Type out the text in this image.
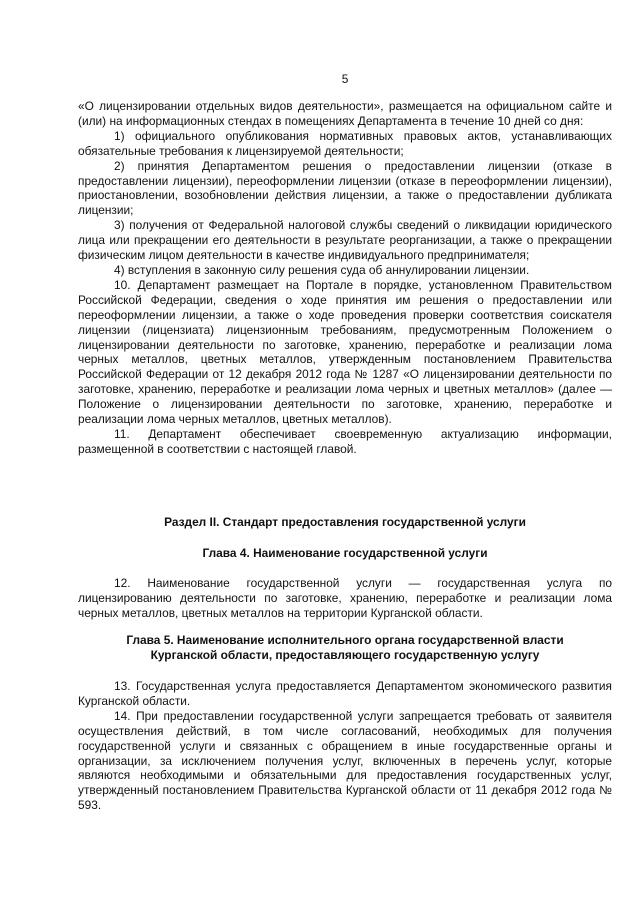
5

«О лицензировании отдельных видов деятельности», размещается на официальном сайте и (или) на информационных стендах в помещениях Департамента в течение 10 дней со дня:

1) официального опубликования нормативных правовых актов, устанавливающих обязательные требования к лицензируемой деятельности;

2) принятия Департаментом решения о предоставлении лицензии (отказе в предоставлении лицензии), переоформлении лицензии (отказе в переоформлении лицензии), приостановлении, возобновлении действия лицензии, а также о предоставлении дубликата лицензии;

3) получения от Федеральной налоговой службы сведений о ликвидации юридического лица или прекращении его деятельности в результате реорганизации, а также о прекращении физическим лицом деятельности в качестве индивидуального предпринимателя;

4) вступления в законную силу решения суда об аннулировании лицензии.

10. Департамент размещает на Портале в порядке, установленном Правительством Российской Федерации, сведения о ходе принятия им решения о предоставлении или переоформлении лицензии, а также о ходе проведения проверки соответствия соискателя лицензии (лицензиата) лицензионным требованиям, предусмотренным Положением о лицензировании деятельности по заготовке, хранению, переработке и реализации лома черных металлов, цветных металлов, утвержденным постановлением Правительства Российской Федерации от 12 декабря 2012 года № 1287 «О лицензировании деятельности по заготовке, хранению, переработке и реализации лома черных и цветных металлов» (далее — Положение о лицензировании деятельности по заготовке, хранению, переработке и реализации лома черных металлов, цветных металлов).

11. Департамент обеспечивает своевременную актуализацию информации, размещенной в соответствии с настоящей главой.

Раздел II. Стандарт предоставления государственной услуги

Глава 4. Наименование государственной услуги

12. Наименование государственной услуги — государственная услуга по лицензированию деятельности по заготовке, хранению, переработке и реализации лома черных металлов, цветных металлов на территории Курганской области.

Глава 5. Наименование исполнительного органа государственной власти

Курганской области, предоставляющего государственную услугу

13. Государственная услуга предоставляется Департаментом экономического развития Курганской области.

14. При предоставлении государственной услуги запрещается требовать от заявителя осуществления действий, в том числе согласований, необходимых для получения государственной услуги и связанных с обращением в иные государственные органы и организации, за исключением получения услуг, включенных в перечень услуг, которые являются необходимыми и обязательными для предоставления государственных услуг, утвержденный постановлением Правительства Курганской области от 11 декабря 2012 года № 593.
